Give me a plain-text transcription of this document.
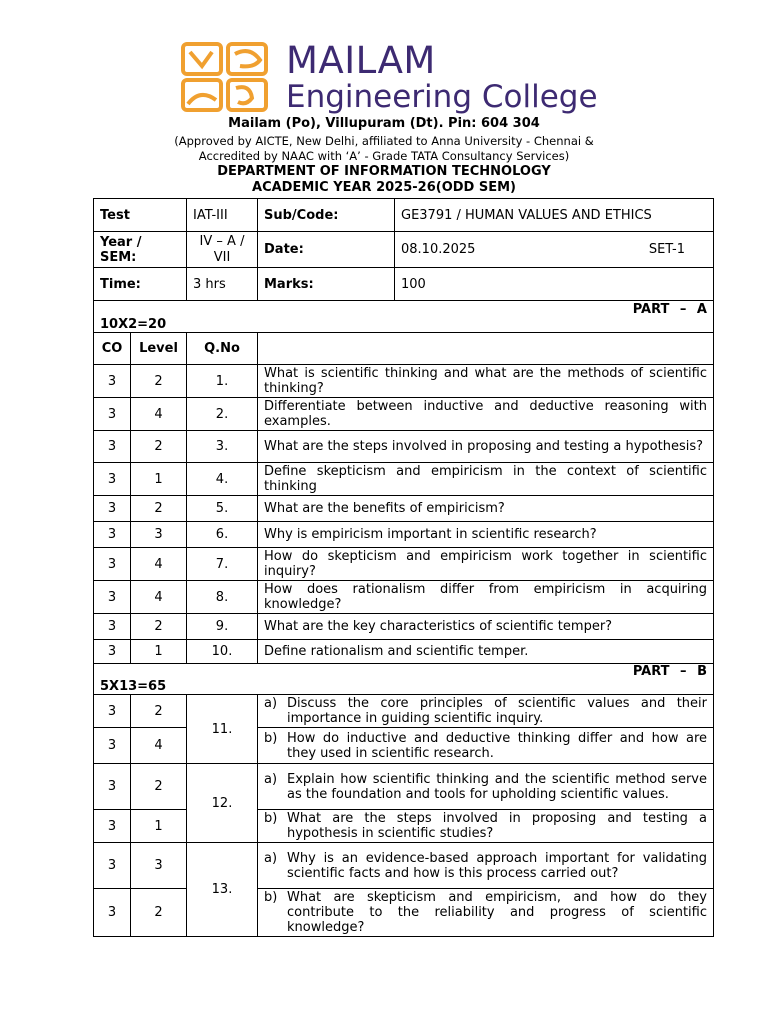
MAILAM
Engineering College
Mailam (Po), Villupuram (Dt). Pin: 604 304
(Approved by AICTE, New Delhi, affiliated to Anna University - Chennai &
Accredited by NAAC with ‘A’ - Grade TATA Consultancy Services)
DEPARTMENT OF INFORMATION TECHNOLOGY
ACADEMIC YEAR 2025-26(ODD SEM)
Test		IAT-III	Sub/Code:	GE3791 / HUMAN VALUES AND ETHICS
Year / SEM:		IV – A / VII	Date:	08.10.2025 SET-1

Time:		3 hrs	Marks:	100

PART – A
10X2=20				

CO	Level	Q.No		
3	2	1.	What is scientific thinking and what are the methods of scientific thinking?	
3	4	2.	Differentiate between inductive and deductive reasoning with examples.	
3	2	3.	What are the steps involved in proposing and testing a hypothesis?	
3	1	4.	Define skepticism and empiricism in the context of scientific thinking	
3	2	5.	What are the benefits of empiricism?	
3	3	6.	Why is empiricism important in scientific research?	
3	4	7.	How do skepticism and empiricism work together in scientific inquiry?	
3	4	8.	How does rationalism differ from empiricism in acquiring knowledge?	
3	2	9.	What are the key characteristics of scientific temper?	
3	1	10.	Define rationalism and scientific temper.	

PART – B
5X13=65				

3	2	11.	a) Discuss the core principles of scientific values and their importance in guiding scientific inquiry.	

3	4		b) How do inductive and deductive thinking differ and how are they used in scientific research.	

3	2	12.	a) Explain how scientific thinking and the scientific method serve as the foundation and tools for upholding scientific values.	

3	1		b) What are the steps involved in proposing and testing a hypothesis in scientific studies?	

3	3	13.	a) Why is an evidence-based approach important for validating scientific facts and how is this process carried out?	

3	2		b) What are skepticism and empiricism, and how do they contribute to the reliability and progress of scientific knowledge?	
